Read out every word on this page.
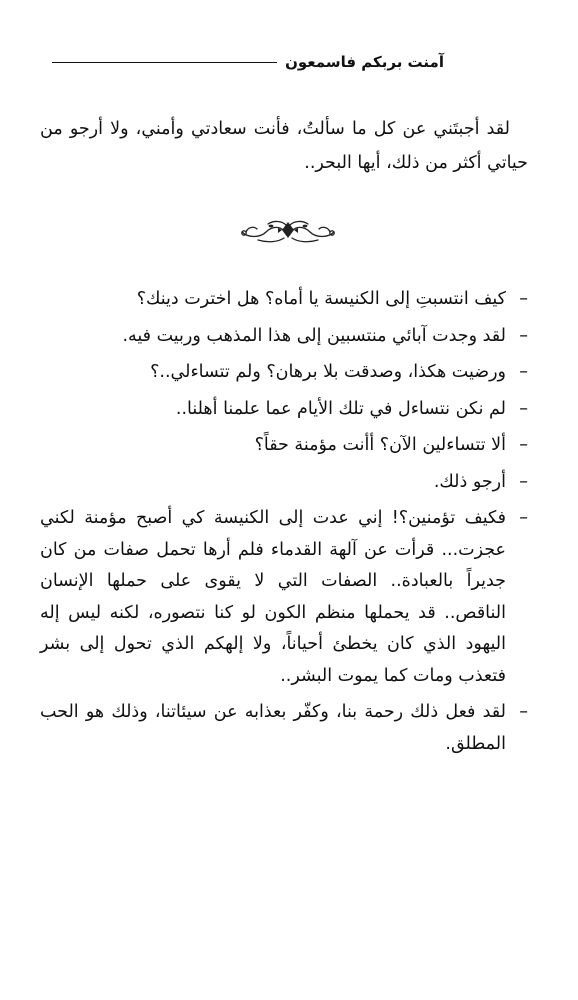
آمنت بربكم فاسمعون

لقد أجبتَني عن كل ما سألتُ، فأنت سعادتي وأمني، ولا أرجو من حياتي أكثر من ذلك، أيها البحر..

–
كيف انتسبتِ إلى الكنيسة يا أماه؟ هل اخترت دينك؟
–
لقد وجدت آبائي منتسبين إلى هذا المذهب وربيت فيه.
–
ورضيت هكذا، وصدقت بلا برهان؟ ولم تتساءلي..؟
–
لم نكن نتساءل في تلك الأيام عما علمنا أهلنا..
–
ألا تتساءلين الآن؟ أأنت مؤمنة حقاً؟
–
أرجو ذلك.
–
فكيف تؤمنين؟! إني عدت إلى الكنيسة كي أصبح مؤمنة لكني عجزت... قرأت عن آلهة القدماء فلم أرها تحمل صفات من كان جديراً بالعبادة.. الصفات التي لا يقوى على حملها الإنسان الناقص.. قد يحملها منظم الكون لو كنا نتصوره، لكنه ليس إله اليهود الذي كان يخطئ أحياناً، ولا إلهكم الذي تحول إلى بشر فتعذب ومات كما يموت البشر..
–
لقد فعل ذلك رحمة بنا، وكفّر بعذابه عن سيئاتنا، وذلك هو الحب المطلق.
